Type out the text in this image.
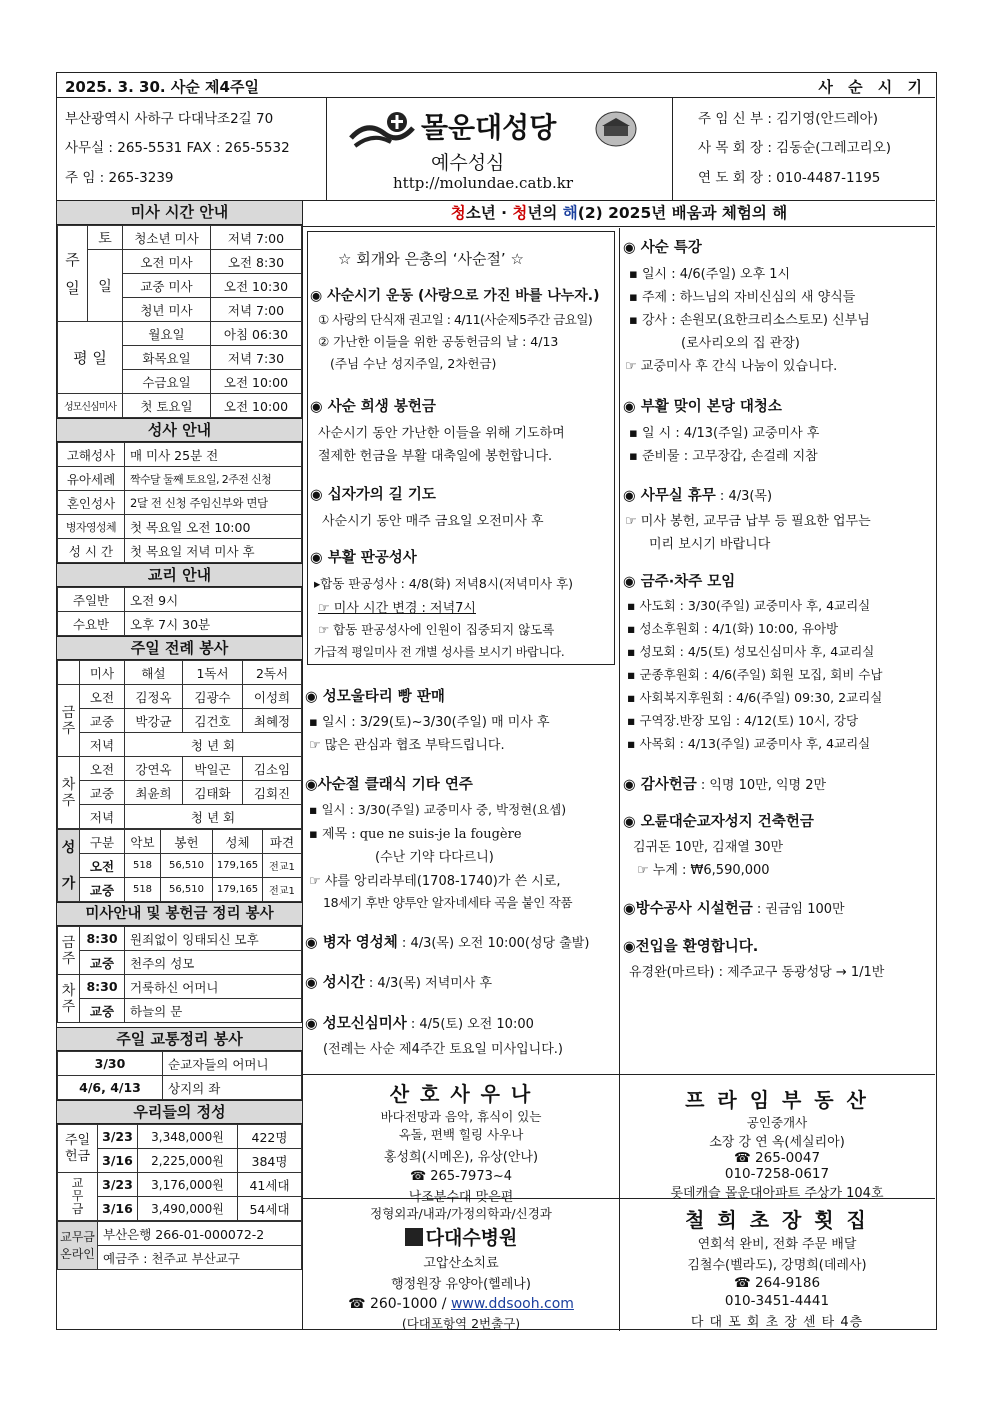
2025. 3. 30. 사순 제4주일	사 순 시 기
부산광역시 사하구 다대낙조2길 70
사무실 : 265-5531 FAX : 265-5532
주 임 : 265-3239
몰운대성당
예수성심
http://molundae.catb.kr
주 임 신 부 : 김기영(안드레아)
사 목 회 장 : 김동순(그레고리오)
연 도 회 장 : 010-4487-1195
미사 시간 안내
주
일	토	청소년 미사	저녁 7:00
	일	오전 미사	오전 8:30
		교중 미사	오전 10:30
		청년 미사	저녁 7:00
평 일		월요일	아침 06:30
		화목요일	저녁 7:30
		수금요일	오전 10:00
성모신심미사		첫 토요일	오전 10:00
성사 안내
고해성사	매 미사 25분 전
유아세례	짝수달 둘째 토요일, 2주전 신청
혼인성사	2달 전 신청 주임신부와 면담
병자영성체	첫 목요일 오전 10:00
성 시 간	첫 목요일 저녁 미사 후
교리 안내
주일반	오전 9시
수요반	오후 7시 30분
주일 전례 봉사
	미사	해설	1독서	2독서
금
주	오전	김정옥	김광수	이성희
	교중	박강균	김건호	최혜정
	저녁	청 년 회		
차
주	오전	강연옥	박일곤	김소임
	교중	최윤희	김태화	김회진
	저녁	청 년 회		
성

가	구분	악보	봉헌	성체	파견
	오전	518	56,510	179,165	전교1
	교중	518	56,510	179,165	전교1
미사안내 및 봉헌금 정리 봉사
금
주	8:30	원죄없이 잉태되신 모후
	교중	천주의 성모
차
주	8:30	거룩하신 어머니
	교중	하늘의 문
주일 교통정리 봉사
3/30	순교자들의 어머니
4/6, 4/13	상지의 좌
우리들의 정성
주일
헌금	3/23	3,348,000원	422명
	3/16	2,225,000원	384명
교
무
금	3/23	3,176,000원	41세대
	3/16	3,490,000원	54세대
교무금
온라인	부산은행 266-01-000072-2
예금주 : 천주교 부산교구
청소년 · 청년의 해(2) 2025년 배움과 체험의 해
☆ 회개와 은총의 ‘사순절’ ☆
◉ 사순시기 운동 (사랑으로 가진 바를 나누자.)
① 사랑의 단식재 권고일 : 4/11(사순제5주간 금요일)
② 가난한 이들을 위한 공동헌금의 날 : 4/13
(주님 수난 성지주일, 2차헌금)
◉ 사순 희생 봉헌금
사순시기 동안 가난한 이들을 위해 기도하며
절제한 헌금을 부활 대축일에 봉헌합니다.
◉ 십자가의 길 기도
사순시기 동안 매주 금요일 오전미사 후
◉ 부활 판공성사
▸합동 판공성사 : 4/8(화) 저녁8시(저녁미사 후)
☞ 미사 시간 변경 : 저녁7시
☞ 합동 판공성사에 인원이 집중되지 않도록
가급적 평일미사 전 개별 성사를 보시기 바랍니다.
◉ 성모울타리 빵 판매
▪ 일시 : 3/29(토)~3/30(주일) 매 미사 후
☞ 많은 관심과 협조 부탁드립니다.
◉사순절 클래식 기타 연주
▪ 일시 : 3/30(주일) 교중미사 중, 박정현(요셉)
▪ 제목 : que ne suis-je la fougère
(수난 기약 다다르니)
☞ 샤를 앙리라부테(1708-1740)가 쓴 시로,
18세기 후반 양투안 알자네세타 곡을 붙인 작품
◉ 병자 영성체 : 4/3(목) 오전 10:00(성당 출발)
◉ 성시간 : 4/3(목) 저녁미사 후
◉ 성모신심미사 : 4/5(토) 오전 10:00
(전례는 사순 제4주간 토요일 미사입니다.)
◉ 사순 특강
▪ 일시 : 4/6(주일) 오후 1시
▪ 주제 : 하느님의 자비신심의 새 양식들
▪ 강사 : 손원모(요한크리소스토모) 신부님
(로사리오의 집 관장)
☞ 교중미사 후 간식 나눔이 있습니다.
◉ 부활 맞이 본당 대청소
▪ 일 시 : 4/13(주일) 교중미사 후
▪ 준비물 : 고무장갑, 손걸레 지참
◉ 사무실 휴무 : 4/3(목)
☞ 미사 봉헌, 교무금 납부 등 필요한 업무는
미리 보시기 바랍니다
◉ 금주·차주 모임
▪ 사도회 : 3/30(주일) 교중미사 후, 4교리실
▪ 성소후원회 : 4/1(화) 10:00, 유아방
▪ 성모회 : 4/5(토) 성모신심미사 후, 4교리실
▪ 군종후원회 : 4/6(주일) 회원 모집, 회비 수납
▪ 사회복지후원회 : 4/6(주일) 09:30, 2교리실
▪ 구역장.반장 모임 : 4/12(토) 10시, 강당
▪ 사목회 : 4/13(주일) 교중미사 후, 4교리실
◉ 감사헌금 : 익명 10만, 익명 2만
◉ 오륜대순교자성지 건축헌금
김귀돈 10만, 김재열 30만
☞ 누계 : ₩6,590,000
◉방수공사 시설헌금 : 권금임 100만
◉전입을 환영합니다.
유경완(마르타) : 제주교구 동광성당 → 1/1반
산 호 사 우 나
바다전망과 음악, 휴식이 있는
옥돌, 편백 힐링 사우나
홍성희(시메온), 유상(안나)
☎ 265-7973~4
낙조분수대 맞은편
프 라 임 부 동 산
공인중개사
소장 강 연 옥(세실리아)
☎ 265-0047
010-7258-0617
롯데캐슬 몰운대아파트 주상가 104호
정형외과/내과/가정의학과/신경과
다대수병원
고압산소치료
행정원장 유양아(헬레나)
☎ 260-1000 / www.ddsooh.com
(다대포항역 2번출구)
철 희 초 장 횟 집
연회석 완비, 전화 주문 배달
김철수(벨라도), 강명희(데레사)
☎ 264-9186
010-3451-4441
다 대 포 회 초 장 센 타 4층
